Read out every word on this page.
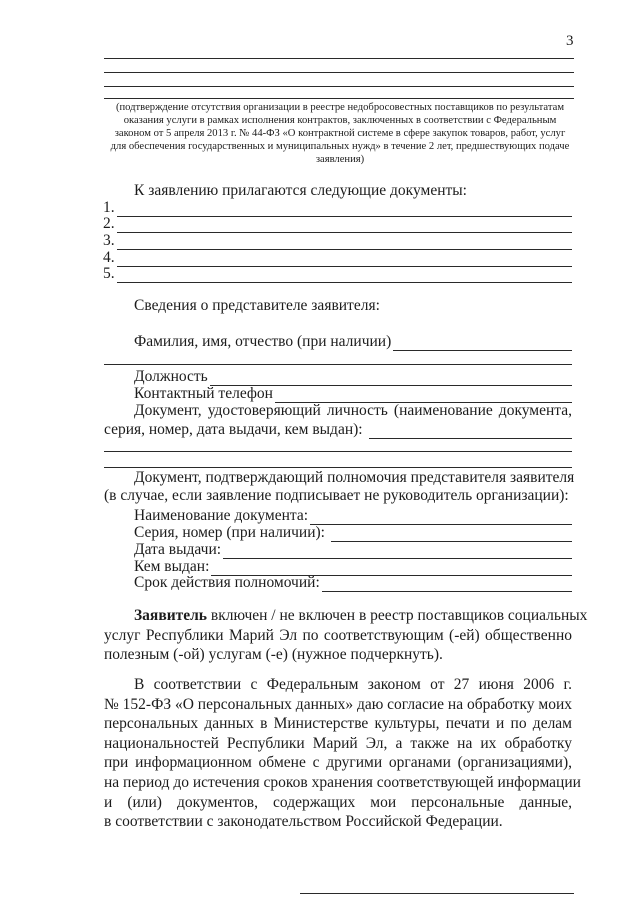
3
(подтверждение отсутствия организации в реестре недобросовестных поставщиков по результатам оказания услуги в рамках исполнения контрактов, заключенных в соответствии с Федеральным законом от 5 апреля 2013 г. № 44-ФЗ «О контрактной системе в сфере закупок товаров, работ, услуг для обеспечения государственных и муниципальных нужд» в течение 2 лет, предшествующих подаче заявления)
К заявлению прилагаются следующие документы:
1.
2.
3.
4.
5.
Сведения о представителе заявителя:
Фамилия, имя, отчество (при наличии)
Должность
Контактный телефон
Документ, удостоверяющий личность (наименование документа,
серия, номер, дата выдачи, кем выдан):
Документ, подтверждающий полномочия представителя заявителя
(в случае, если заявление подписывает не руководитель организации):
Наименование документа:
Серия, номер (при наличии):
Дата выдачи:
Кем выдан:
Срок действия полномочий:
Заявитель включен / не включен в реестр поставщиков социальных
услуг Республики Марий Эл по соответствующим (-ей) общественно
полезным (-ой) услугам (-е) (нужное подчеркнуть).
В соответствии с Федеральным законом от 27 июня 2006 г.
№ 152-ФЗ «О персональных данных» даю согласие на обработку моих
персональных данных в Министерстве культуры, печати и по делам
национальностей Республики Марий Эл, а также на их обработку
при информационном обмене с другими органами (организациями),
на период до истечения сроков хранения соответствующей информации
и (или) документов, содержащих мои персональные данные,
в соответствии с законодательством Российской Федерации.
